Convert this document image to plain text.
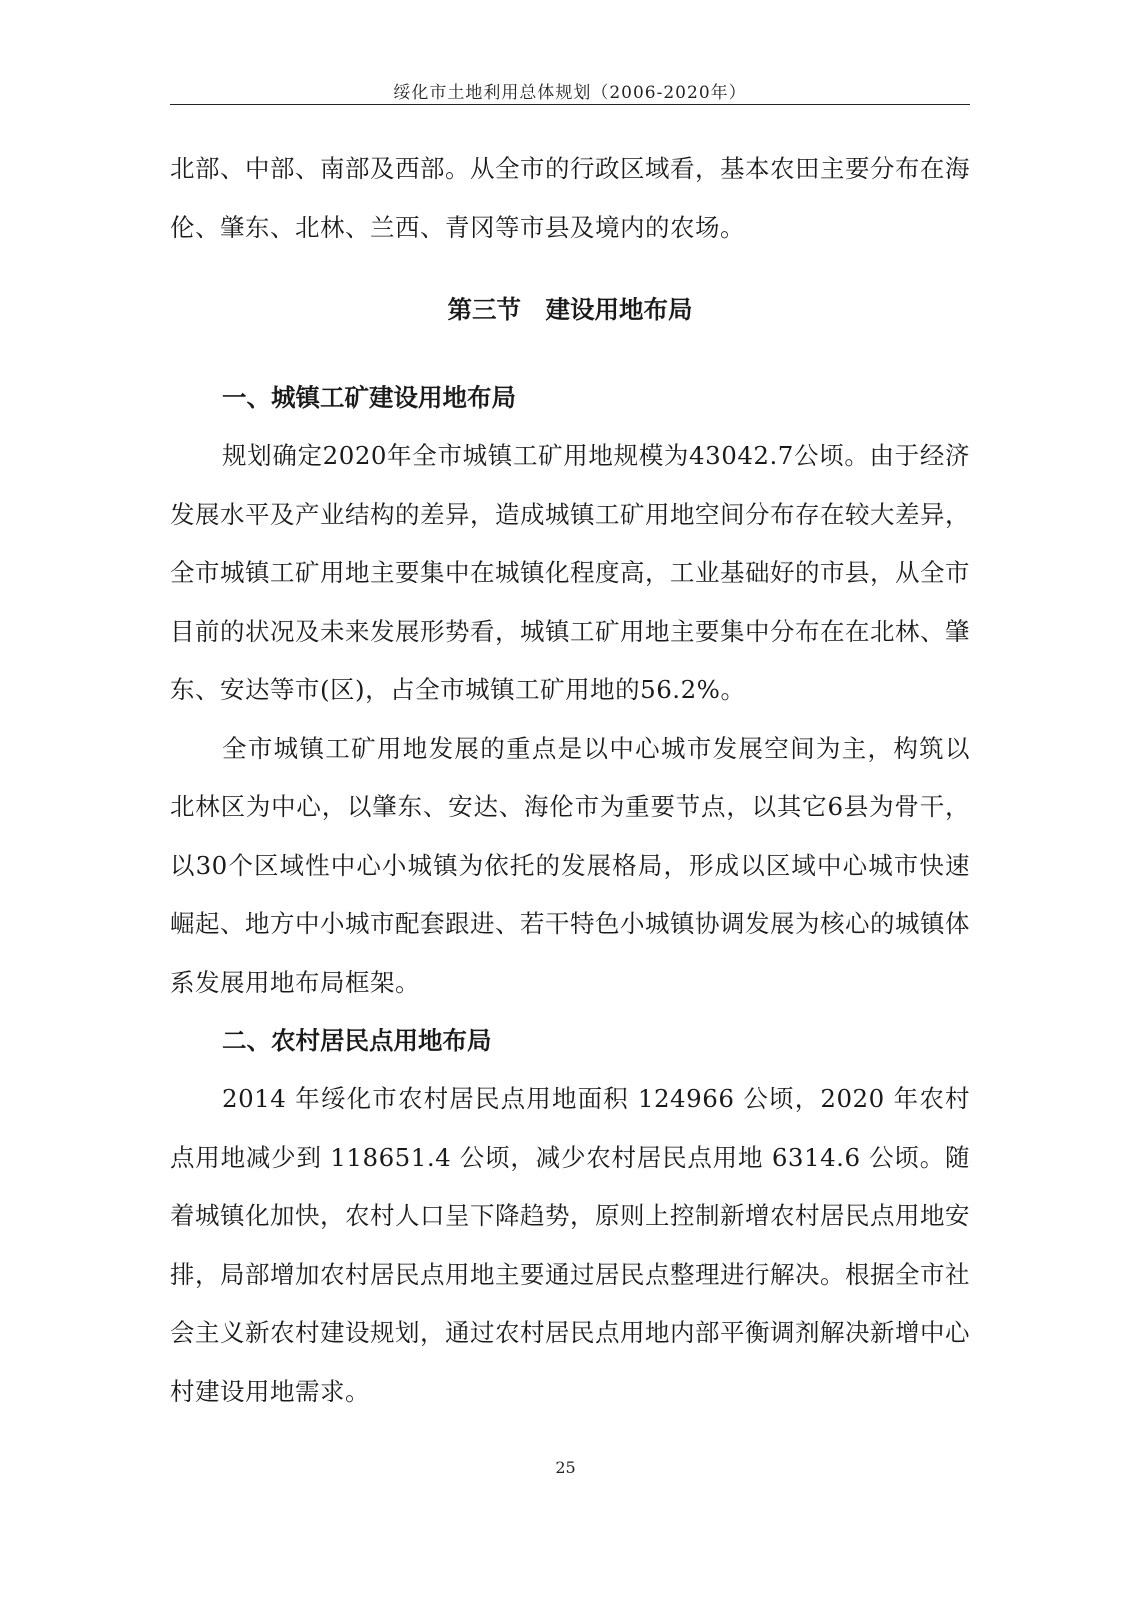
绥化市土地利用总体规划（2006-2020年）

北部、中部、南部及西部。从全市的行政区域看，基本农田主要分布在海伦、肇东、北林、兰西、青冈等市县及境内的农场。

第三节　建设用地布局

一、城镇工矿建设用地布局

规划确定2020年全市城镇工矿用地规模为43042.7公顷。由于经济发展水平及产业结构的差异，造成城镇工矿用地空间分布存在较大差异，全市城镇工矿用地主要集中在城镇化程度高，工业基础好的市县，从全市目前的状况及未来发展形势看，城镇工矿用地主要集中分布在在北林、肇东、安达等市(区)，占全市城镇工矿用地的56.2%。

全市城镇工矿用地发展的重点是以中心城市发展空间为主，构筑以北林区为中心，以肇东、安达、海伦市为重要节点，以其它6县为骨干，以30个区域性中心小城镇为依托的发展格局，形成以区域中心城市快速崛起、地方中小城市配套跟进、若干特色小城镇协调发展为核心的城镇体系发展用地布局框架。

二、农村居民点用地布局

2014 年绥化市农村居民点用地面积 124966 公顷，2020 年农村点用地减少到 118651.4 公顷，减少农村居民点用地 6314.6 公顷。随着城镇化加快，农村人口呈下降趋势，原则上控制新增农村居民点用地安排，局部增加农村居民点用地主要通过居民点整理进行解决。根据全市社会主义新农村建设规划，通过农村居民点用地内部平衡调剂解决新增中心村建设用地需求。

25
